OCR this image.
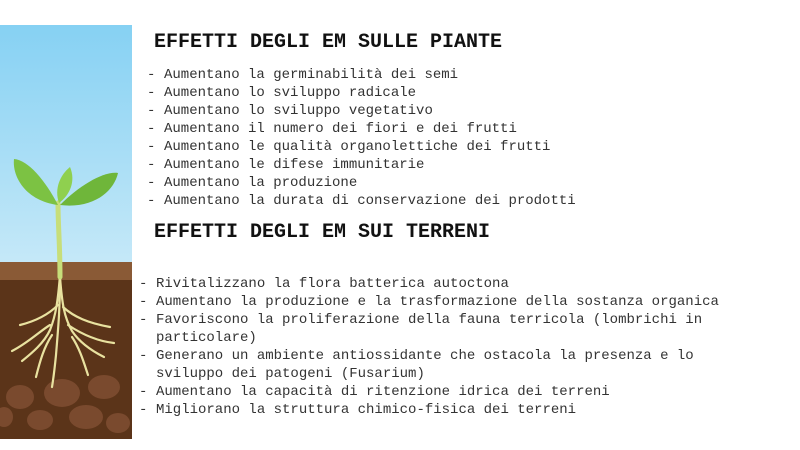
EFFETTI DEGLI EM SULLE PIANTE
- Aumentano la germinabilità dei semi
- Aumentano lo sviluppo radicale
- Aumentano lo sviluppo vegetativo
- Aumentano il numero dei fiori e dei frutti
- Aumentano le qualità organolettiche dei frutti
- Aumentano le difese immunitarie
- Aumentano la produzione
- Aumentano la durata di conservazione dei prodotti
EFFETTI DEGLI EM SUI TERRENI
- Rivitalizzano la flora batterica autoctona
- Aumentano la produzione e la trasformazione della sostanza organica
- Favoriscono la proliferazione della fauna terricola (lombrichi in
particolare)
- Generano un ambiente antiossidante che ostacola la presenza e lo
sviluppo dei patogeni (Fusarium)
- Aumentano la capacità di ritenzione idrica dei terreni
- Migliorano la struttura chimico-fisica dei terreni
